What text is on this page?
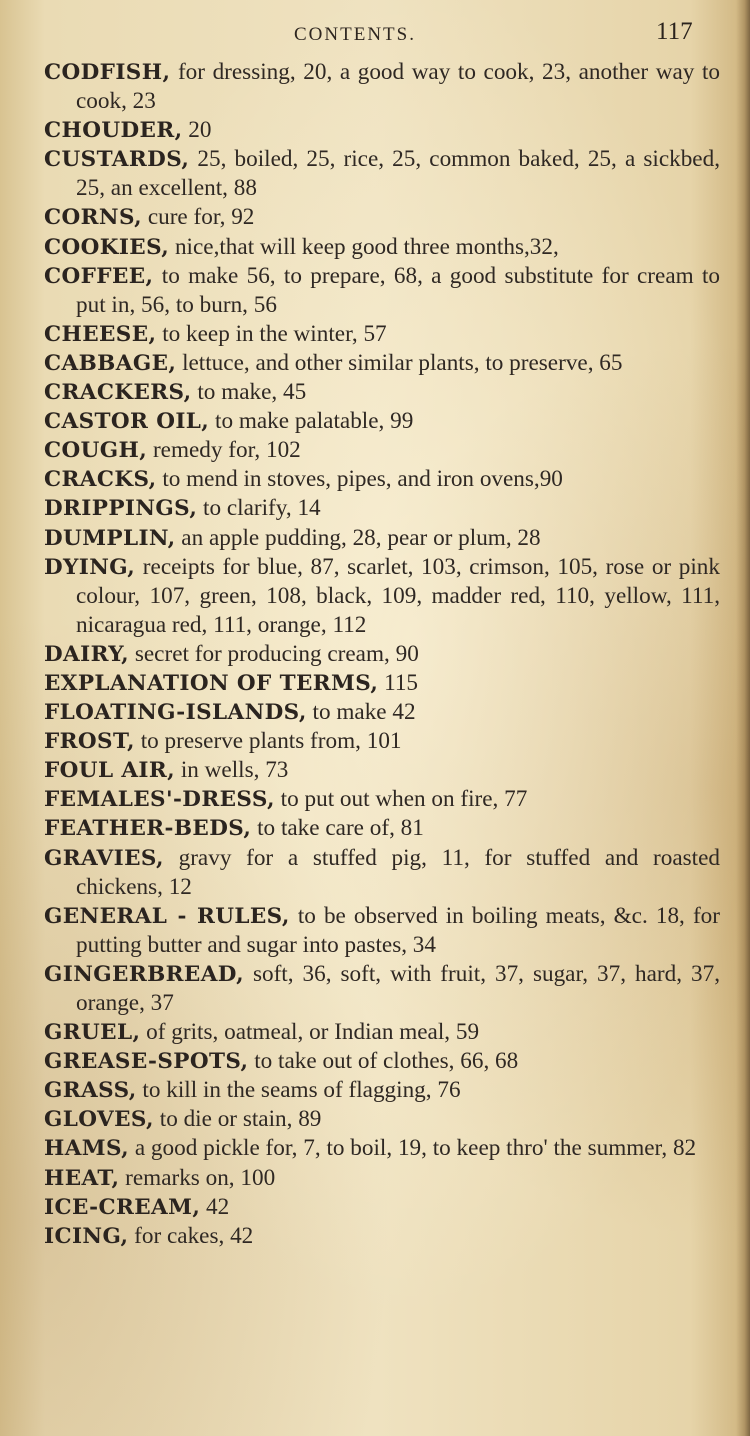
CONTENTS.	117
CODFISH, for dressing, 20, a good way to cook, 23, another way to cook, 23
CHOUDER, 20
CUSTARDS, 25, boiled, 25, rice, 25, common baked, 25, a sickbed, 25, an excellent, 88
CORNS, cure for, 92
COOKIES, nice,that will keep good three months,32,
COFFEE, to make 56, to prepare, 68, a good substitute for cream to put in, 56, to burn, 56
CHEESE, to keep in the winter, 57
CABBAGE, lettuce, and other similar plants, to preserve, 65
CRACKERS, to make, 45
CASTOR OIL, to make palatable, 99
COUGH, remedy for, 102
CRACKS, to mend in stoves, pipes, and iron ovens,90
DRIPPINGS, to clarify, 14
DUMPLIN, an apple pudding, 28, pear or plum, 28
DYING, receipts for blue, 87, scarlet, 103, crimson, 105, rose or pink colour, 107, green, 108, black, 109, madder red, 110, yellow, 111, nicaragua red, 111, orange, 112
DAIRY, secret for producing cream, 90
EXPLANATION OF TERMS, 115
FLOATING-ISLANDS, to make 42
FROST, to preserve plants from, 101
FOUL AIR, in wells, 73
FEMALES'-DRESS, to put out when on fire, 77
FEATHER-BEDS, to take care of, 81
GRAVIES, gravy for a stuffed pig, 11, for stuffed and roasted chickens, 12
GENERAL - RULES, to be observed in boiling meats, &c. 18, for putting butter and sugar into pastes, 34
GINGERBREAD, soft, 36, soft, with fruit, 37, sugar, 37, hard, 37, orange, 37
GRUEL, of grits, oatmeal, or Indian meal, 59
GREASE-SPOTS, to take out of clothes, 66, 68
GRASS, to kill in the seams of flagging, 76
GLOVES, to die or stain, 89
HAMS, a good pickle for, 7, to boil, 19, to keep thro' the summer, 82
HEAT, remarks on, 100
ICE-CREAM, 42
ICING, for cakes, 42
